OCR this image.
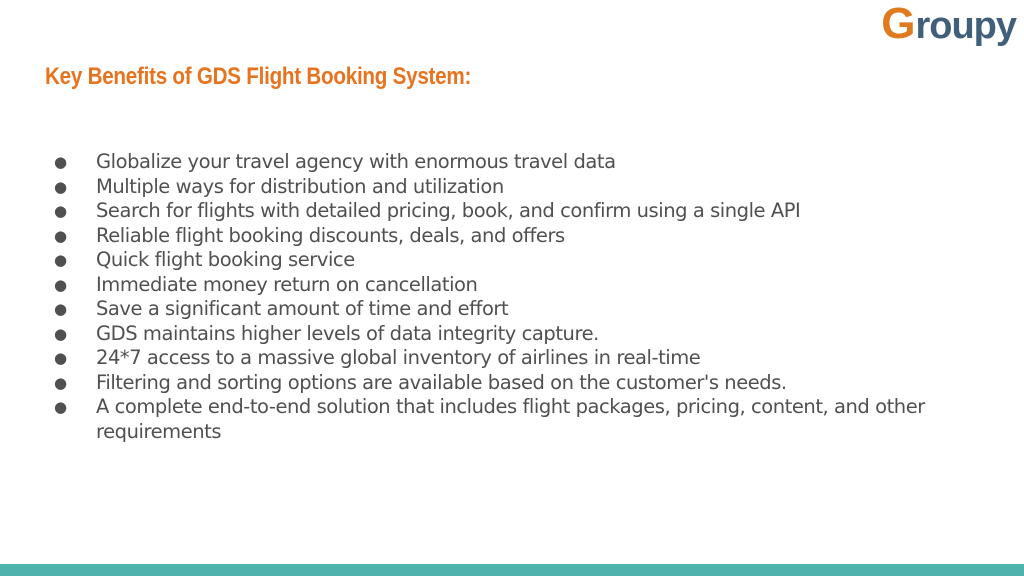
G roupy
Key Benefits of GDS Flight Booking System:
● Globalize your travel agency with enormous travel data
● Multiple ways for distribution and utilization
● Search for flights with detailed pricing, book, and confirm using a single API
● Reliable flight booking discounts, deals, and offers
● Quick flight booking service
● Immediate money return on cancellation
● Save a significant amount of time and effort
● GDS maintains higher levels of data integrity capture.
● 24*7 access to a massive global inventory of airlines in real-time
● Filtering and sorting options are available based on the customer's needs.
● A complete end-to-end solution that includes flight packages, pricing, content, and other requirements
